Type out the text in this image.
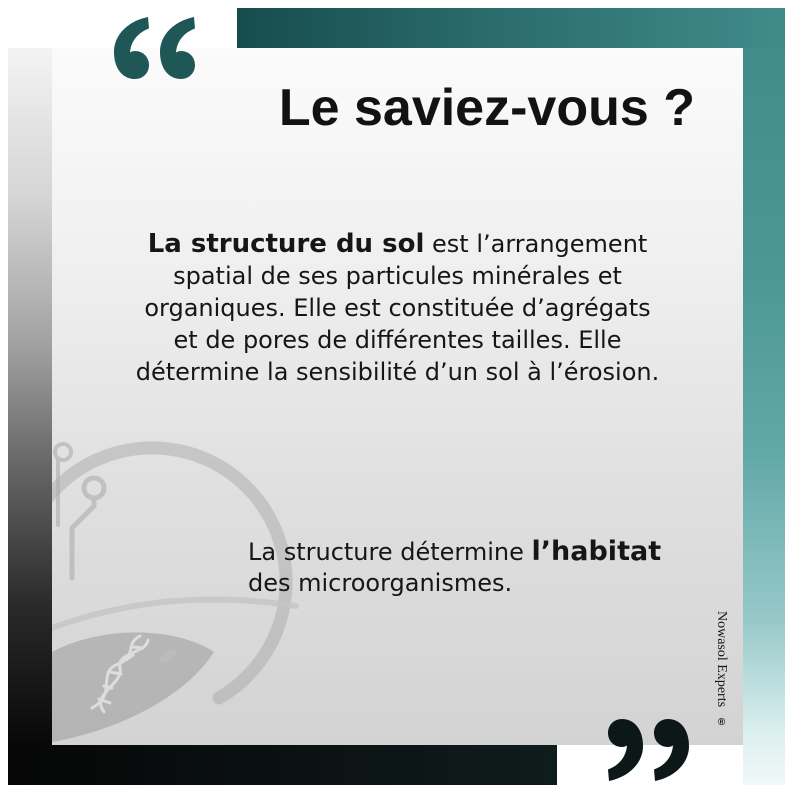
Le saviez-vous ?
La structure du sol est l’arrangement
spatial de ses particules minérales et
organiques. Elle est constituée d’agrégats
et de pores de différentes tailles. Elle
détermine la sensibilité d’un sol à l’érosion.
La structure détermine l’habitat
des microorganismes.
Nowasol Experts®
